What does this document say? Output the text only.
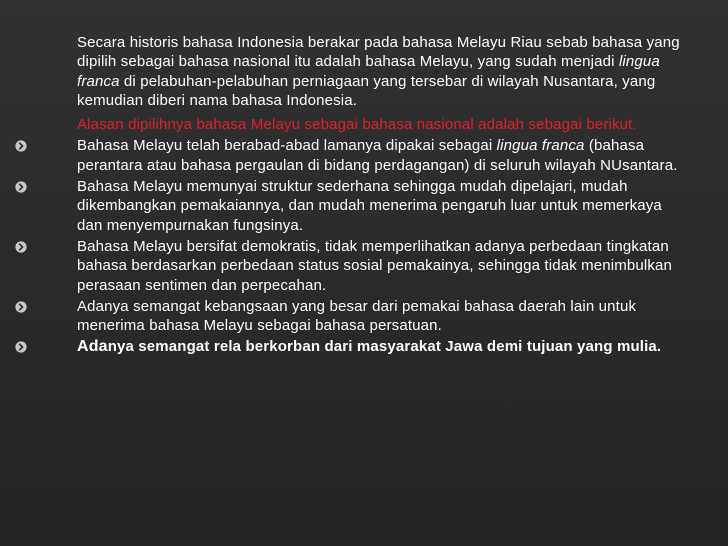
Secara historis bahasa Indonesia berakar pada bahasa Melayu Riau sebab bahasa yang dipilih sebagai bahasa nasional itu adalah bahasa Melayu, yang sudah menjadi lingua franca di pelabuhan-pelabuhan perniagaan yang tersebar di wilayah Nusantara, yang kemudian diberi nama bahasa Indonesia.
Alasan dipilihnya bahasa Melayu sebagai bahasa nasional adalah sebagai berikut.
Bahasa Melayu telah berabad-abad lamanya dipakai sebagai lingua franca (bahasa perantara atau bahasa pergaulan di bidang perdagangan) di seluruh wilayah NUsantara.
Bahasa Melayu memunyai struktur sederhana sehingga mudah dipelajari, mudah dikembangkan pemakaiannya, dan mudah menerima pengaruh luar untuk memerkaya dan menyempurnakan fungsinya.
Bahasa Melayu bersifat demokratis, tidak memperlihatkan adanya perbedaan tingkatan bahasa berdasarkan perbedaan status sosial pemakainya, sehingga tidak menimbulkan perasaan sentimen dan perpecahan.
Adanya semangat kebangsaan yang besar dari pemakai bahasa daerah lain untuk menerima bahasa Melayu sebagai bahasa persatuan.
Adanya semangat rela berkorban dari masyarakat Jawa demi tujuan yang mulia.
